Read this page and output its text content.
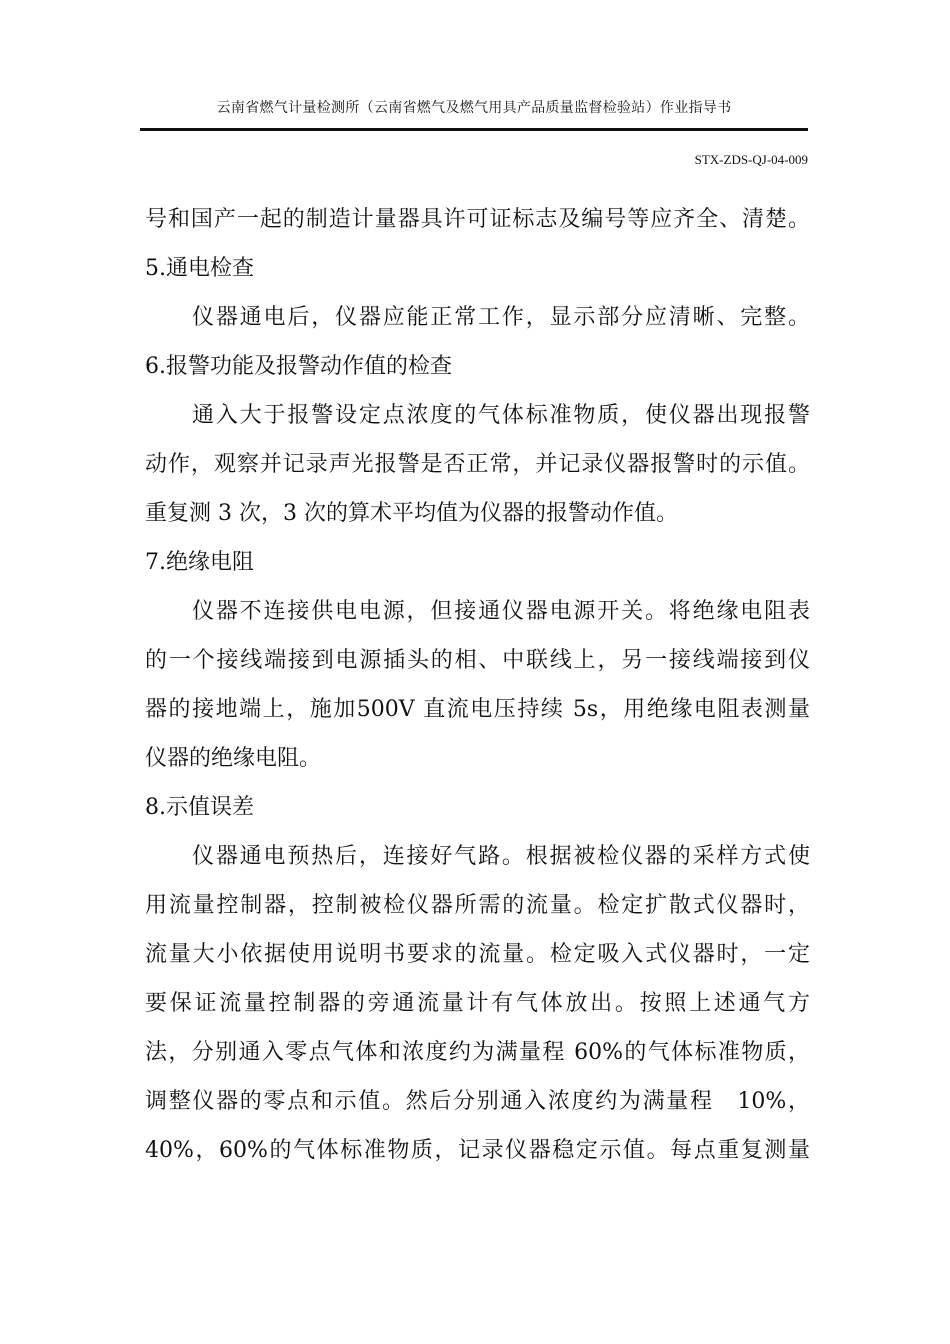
云南省燃气计量检测所（云南省燃气及燃气用具产品质量监督检验站）作业指导书
STX-ZDS-QJ-04-009
号和国产一起的制造计量器具许可证标志及编号等应齐全、清楚。
5.通电检查
仪器通电后，仪器应能正常工作，显示部分应清晰、完整。
6.报警功能及报警动作值的检查
通入大于报警设定点浓度的气体标准物质，使仪器出现报警
动作，观察并记录声光报警是否正常，并记录仪器报警时的示值。
重复测 3 次，3 次的算术平均值为仪器的报警动作值。
7.绝缘电阻
仪器不连接供电电源，但接通仪器电源开关。将绝缘电阻表
的一个接线端接到电源插头的相、中联线上，另一接线端接到仪
器的接地端上，施加500V 直流电压持续 5s，用绝缘电阻表测量
仪器的绝缘电阻。
8.示值误差
仪器通电预热后，连接好气路。根据被检仪器的采样方式使
用流量控制器，控制被检仪器所需的流量。检定扩散式仪器时，
流量大小依据使用说明书要求的流量。检定吸入式仪器时，一定
要保证流量控制器的旁通流量计有气体放出。按照上述通气方
法，分别通入零点气体和浓度约为满量程 60%的气体标准物质，
调整仪器的零点和示值。然后分别通入浓度约为满量程　10%，
40%，60%的气体标准物质，记录仪器稳定示值。每点重复测量
